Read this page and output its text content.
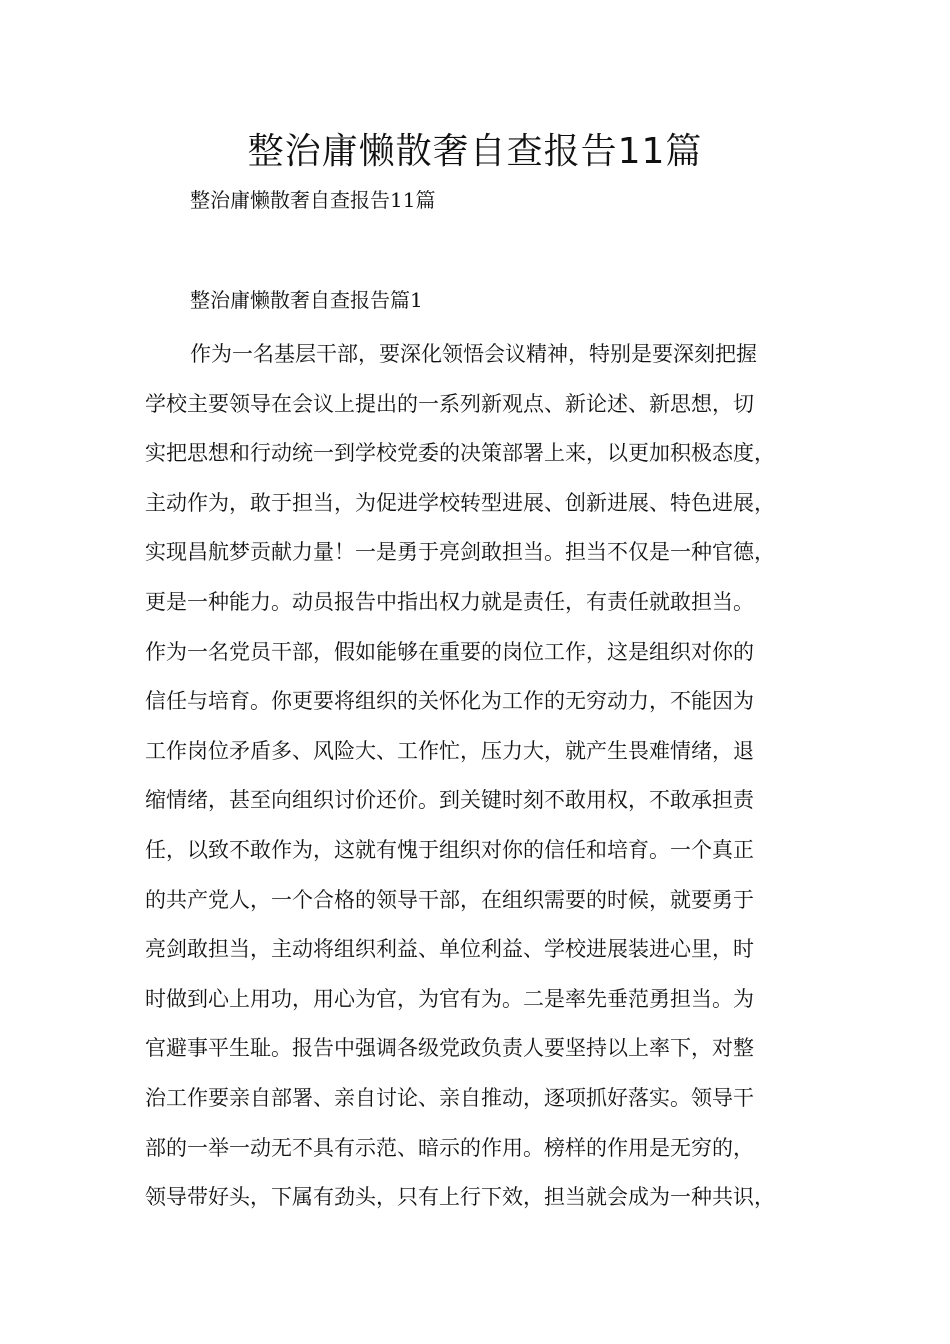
整治庸懒散奢自查报告11篇

整治庸懒散奢自查报告11篇

整治庸懒散奢自查报告篇1

作为一名基层干部，要深化领悟会议精神，特别是要深刻把握
学校主要领导在会议上提出的一系列新观点、新论述、新思想，切
实把思想和行动统一到学校党委的决策部署上来，以更加积极态度，
主动作为，敢于担当，为促进学校转型进展、创新进展、特色进展，
实现昌航梦贡献力量！一是勇于亮剑敢担当。担当不仅是一种官德，
更是一种能力。动员报告中指出权力就是责任，有责任就敢担当。
作为一名党员干部，假如能够在重要的岗位工作，这是组织对你的
信任与培育。你更要将组织的关怀化为工作的无穷动力，不能因为
工作岗位矛盾多、风险大、工作忙，压力大，就产生畏难情绪，退
缩情绪，甚至向组织讨价还价。到关键时刻不敢用权，不敢承担责
任，以致不敢作为，这就有愧于组织对你的信任和培育。一个真正
的共产党人，一个合格的领导干部，在组织需要的时候，就要勇于
亮剑敢担当，主动将组织利益、单位利益、学校进展装进心里，时
时做到心上用功，用心为官，为官有为。二是率先垂范勇担当。为
官避事平生耻。报告中强调各级党政负责人要坚持以上率下，对整
治工作要亲自部署、亲自讨论、亲自推动，逐项抓好落实。领导干
部的一举一动无不具有示范、暗示的作用。榜样的作用是无穷的，
领导带好头，下属有劲头，只有上行下效，担当就会成为一种共识，
